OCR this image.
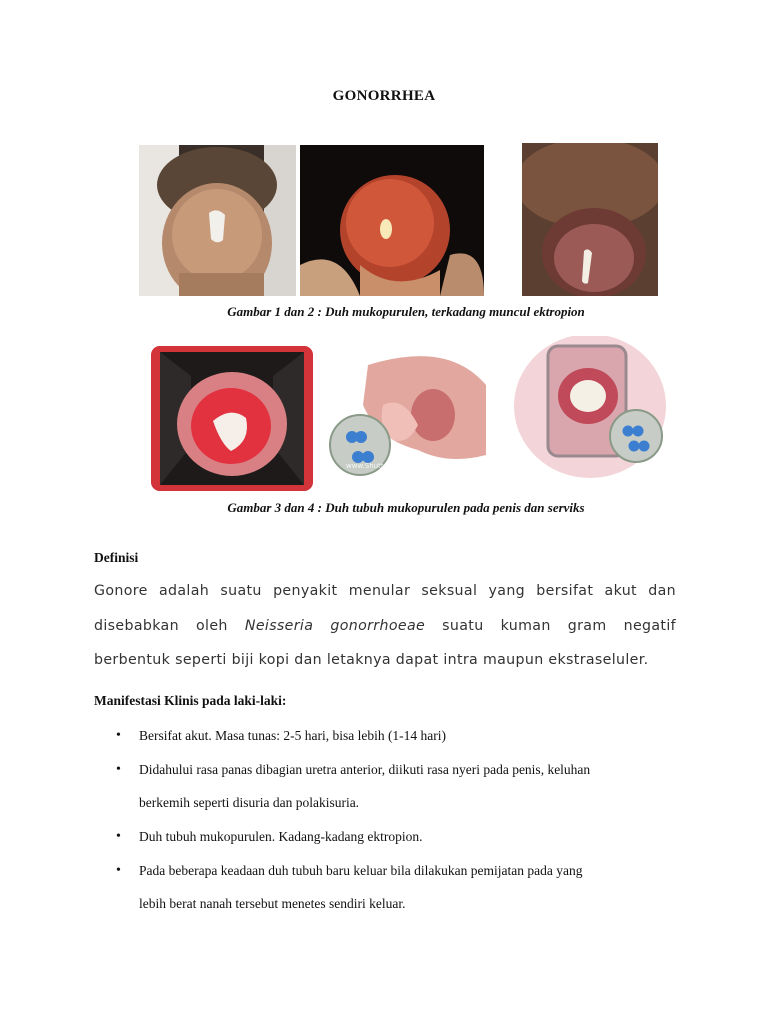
GONORRHEA
Gambar 1 dan 2 : Duh mukopurulen, terkadang muncul ektropion
www.ShutterStock.com
Gambar 3 dan 4 : Duh tubuh mukopurulen pada penis dan serviks
Definisi
Gonore adalah suatu penyakit menular seksual yang bersifat akut dan
disebabkan oleh Neisseria gonorrhoeae suatu kuman gram negatif
berbentuk seperti biji kopi dan letaknya dapat intra maupun ekstraseluler.
Manifestasi Klinis pada laki-laki:
• Bersifat akut. Masa tunas: 2-5 hari, bisa lebih (1-14 hari)
• Didahului rasa panas dibagian uretra anterior, diikuti rasa nyeri pada penis, keluhan
berkemih seperti disuria dan polakisuria.
• Duh tubuh mukopurulen. Kadang-kadang ektropion.
• Pada beberapa keadaan duh tubuh baru keluar bila dilakukan pemijatan pada yang
lebih berat nanah tersebut menetes sendiri keluar.
